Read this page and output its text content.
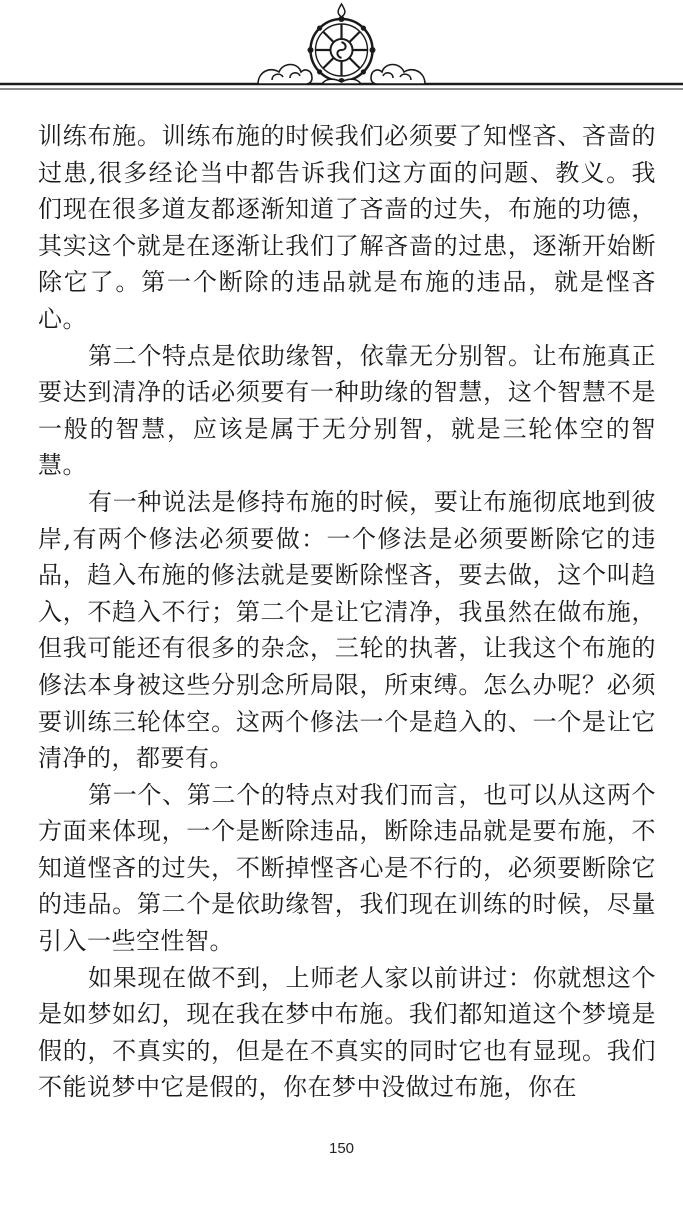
训练布施。训练布施的时候我们必须要了知悭吝、吝啬的过患,很多经论当中都告诉我们这方面的问题、教义。我们现在很多道友都逐渐知道了吝啬的过失，布施的功德，其实这个就是在逐渐让我们了解吝啬的过患，逐渐开始断除它了。第一个断除的违品就是布施的违品，就是悭吝心。

第二个特点是依助缘智，依靠无分别智。让布施真正要达到清净的话必须要有一种助缘的智慧，这个智慧不是一般的智慧，应该是属于无分别智，就是三轮体空的智慧。

有一种说法是修持布施的时候，要让布施彻底地到彼岸,有两个修法必须要做：一个修法是必须要断除它的违品，趋入布施的修法就是要断除悭吝，要去做，这个叫趋入，不趋入不行；第二个是让它清净，我虽然在做布施，但我可能还有很多的杂念，三轮的执著，让我这个布施的修法本身被这些分别念所局限，所束缚。怎么办呢？必须要训练三轮体空。这两个修法一个是趋入的、一个是让它清净的，都要有。

第一个、第二个的特点对我们而言，也可以从这两个方面来体现，一个是断除违品，断除违品就是要布施，不知道悭吝的过失，不断掉悭吝心是不行的，必须要断除它的违品。第二个是依助缘智，我们现在训练的时候，尽量引入一些空性智。

如果现在做不到，上师老人家以前讲过：你就想这个是如梦如幻，现在我在梦中布施。我们都知道这个梦境是假的，不真实的，但是在不真实的同时它也有显现。我们不能说梦中它是假的，你在梦中没做过布施，你在

150
